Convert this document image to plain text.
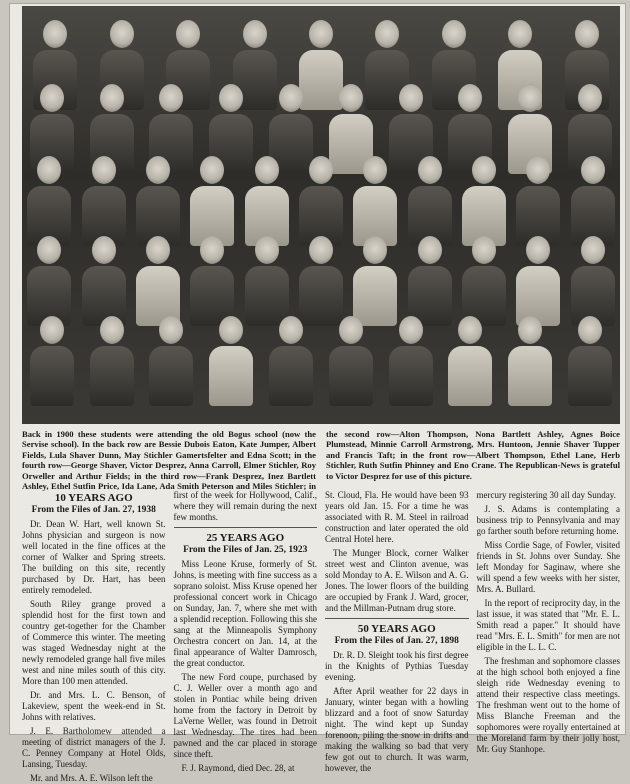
Back in 1900 these students were attending the old Bogus school (now the Servise school). In the back row are Bessie Dubois Eaton, Kate Jumper, Albert Fields, Lula Shaver Dunn, May Stichler Gamertsfelter and Edna Scott; in the fourth row—George Shaver, Victor Desprez, Anna Carroll, Elmer Stichler, Roy Orweller and Arthur Fields; in the third row—Frank Desprez, Inez Bartlett Ashley, Ethel Sutfin Price, Ida Lane, Ada Smith Peterson and Miles Stichler; in the second row—Alton Thompson, Nona Bartlett Ashley, Agnes Boice Plumstead, Minnie Carroll Armstrong, Mrs. Huntoon, Jennie Shaver Tupper and Francis Taft; in the front row—Albert Thompson, Ethel Lane, Herb Stichler, Ruth Sutfin Phinney and Eno Crane. The Republican-News is grateful to Victor Desprez for use of this picture.
10 YEARS AGO
From the Files of Jan. 27, 1938

Dr. Dean W. Hart, well known St. Johns physician and surgeon is now well located in the fine offices at the corner of Walker and Spring streets. The building on this site, recently purchased by Dr. Hart, has been entirely remodeled.

South Riley grange proved a splendid host for the first town and country get-together for the Chamber of Commerce this winter. The meeting was staged Wednesday night at the newly remodeled grange hall five miles west and nine miles south of this city. More than 100 men attended.

Dr. and Mrs. L. C. Benson, of Lakeview, spent the week-end in St. Johns with relatives.

J. E. Bartholomew attended a meeting of district managers of the J. C. Penney Company at Hotel Olds, Lansing, Tuesday.

Mr. and Mrs. A. E. Wilson left the

first of the week for Hollywood, Calif., where they will remain during the next few months.

25 YEARS AGO
From the Files of Jan. 25, 1923

Miss Leone Kruse, formerly of St. Johns, is meeting with fine success as a soprano soloist. Miss Kruse opened her professional concert work in Chicago on Sunday, Jan. 7, where she met with a splendid reception. Following this she sang at the Minneapolis Symphony Orchestra concert on Jan. 14, at the final appearance of Walter Damrosch, the great conductor.

The new Ford coupe, purchased by C. J. Weller over a month ago and stolen in Pontiac while being driven home from the factory in Detroit by LaVerne Weller, was found in Detroit last Wednesday. The tires had been pawned and the car placed in storage since theft.

F. J. Raymond, died Dec. 28, at

St. Cloud, Fla. He would have been 93 years old Jan. 15. For a time he was associated with R. M. Steel in railroad construction and later operated the old Central Hotel here.

The Munger Block, corner Walker street west and Clinton avenue, was sold Monday to A. E. Wilson and A. G. Jones. The lower floors of the building are occupied by Frank J. Ward, grocer, and the Millman-Putnam drug store.

50 YEARS AGO
From the Files of Jan. 27, 1898

Dr. R. D. Sleight took his first degree in the Knights of Pythias Tuesday evening.

After April weather for 22 days in January, winter began with a howling blizzard and a foot of snow Saturday night. The wind kept up Sunday forenoon, piling the snow in drifts and making the walking so bad that very few got out to church. It was warm, however, the

mercury registering 30 all day Sunday.

J. S. Adams is contemplating a business trip to Pennsylvania and may go farther south before returning home.

Miss Cordie Sage, of Fowler, visited friends in St. Johns over Sunday. She left Monday for Saginaw, where she will spend a few weeks with her sister, Mrs. A. Bullard.

In the report of reciprocity day, in the last issue, it was stated that "Mr. E. L. Smith read a paper." It should have read "Mrs. E. L. Smith" for men are not eligible in the L. L. C.

The freshman and sophomore classes at the high school both enjoyed a fine sleigh ride Wednesday evening to attend their respective class meetings. The freshman went out to the home of Miss Blanche Freeman and the sophomores were royally entertained at the Moreland farm by their jolly host, Mr. Guy Stanhope.
